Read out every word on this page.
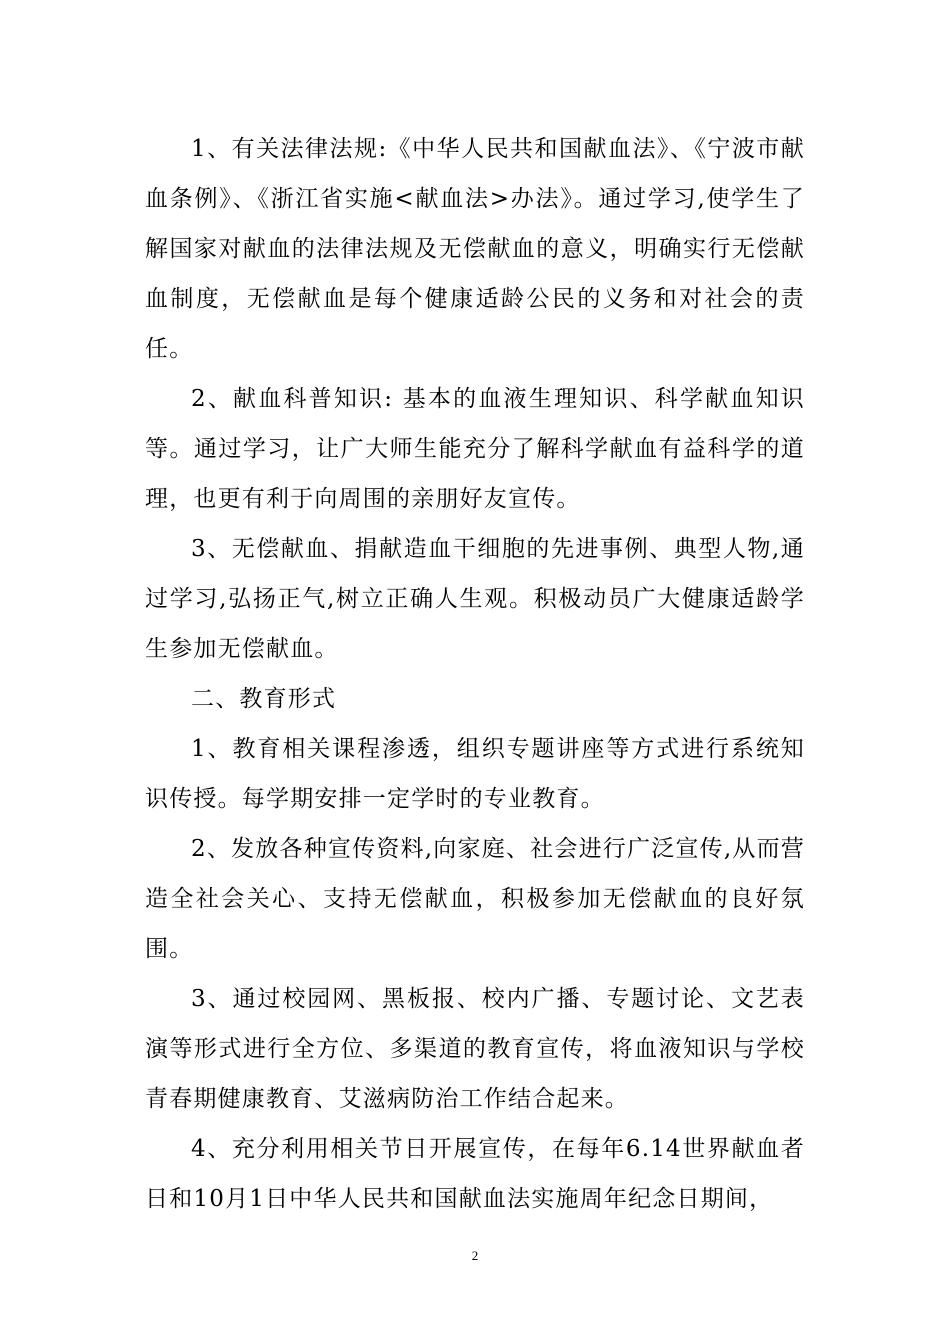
1、有关法律法规:《中华人民共和国献血法》、《宁波市献血条例》、《浙江省实施<献血法>办法》。通过学习,使学生了解国家对献血的法律法规及无偿献血的意义，明确实行无偿献血制度，无偿献血是每个健康适龄公民的义务和对社会的责任。

2、献血科普知识: 基本的血液生理知识、科学献血知识等。通过学习，让广大师生能充分了解科学献血有益科学的道理，也更有利于向周围的亲朋好友宣传。

3、无偿献血、捐献造血干细胞的先进事例、典型人物,通过学习,弘扬正气,树立正确人生观。积极动员广大健康适龄学生参加无偿献血。

二、教育形式

1、教育相关课程渗透，组织专题讲座等方式进行系统知识传授。每学期安排一定学时的专业教育。

2、发放各种宣传资料,向家庭、社会进行广泛宣传,从而营造全社会关心、支持无偿献血，积极参加无偿献血的良好氛围。

3、通过校园网、黑板报、校内广播、专题讨论、文艺表演等形式进行全方位、多渠道的教育宣传，将血液知识与学校青春期健康教育、艾滋病防治工作结合起来。

4、充分利用相关节日开展宣传，在每年6.14世界献血者日和10月1日中华人民共和国献血法实施周年纪念日期间，

2
